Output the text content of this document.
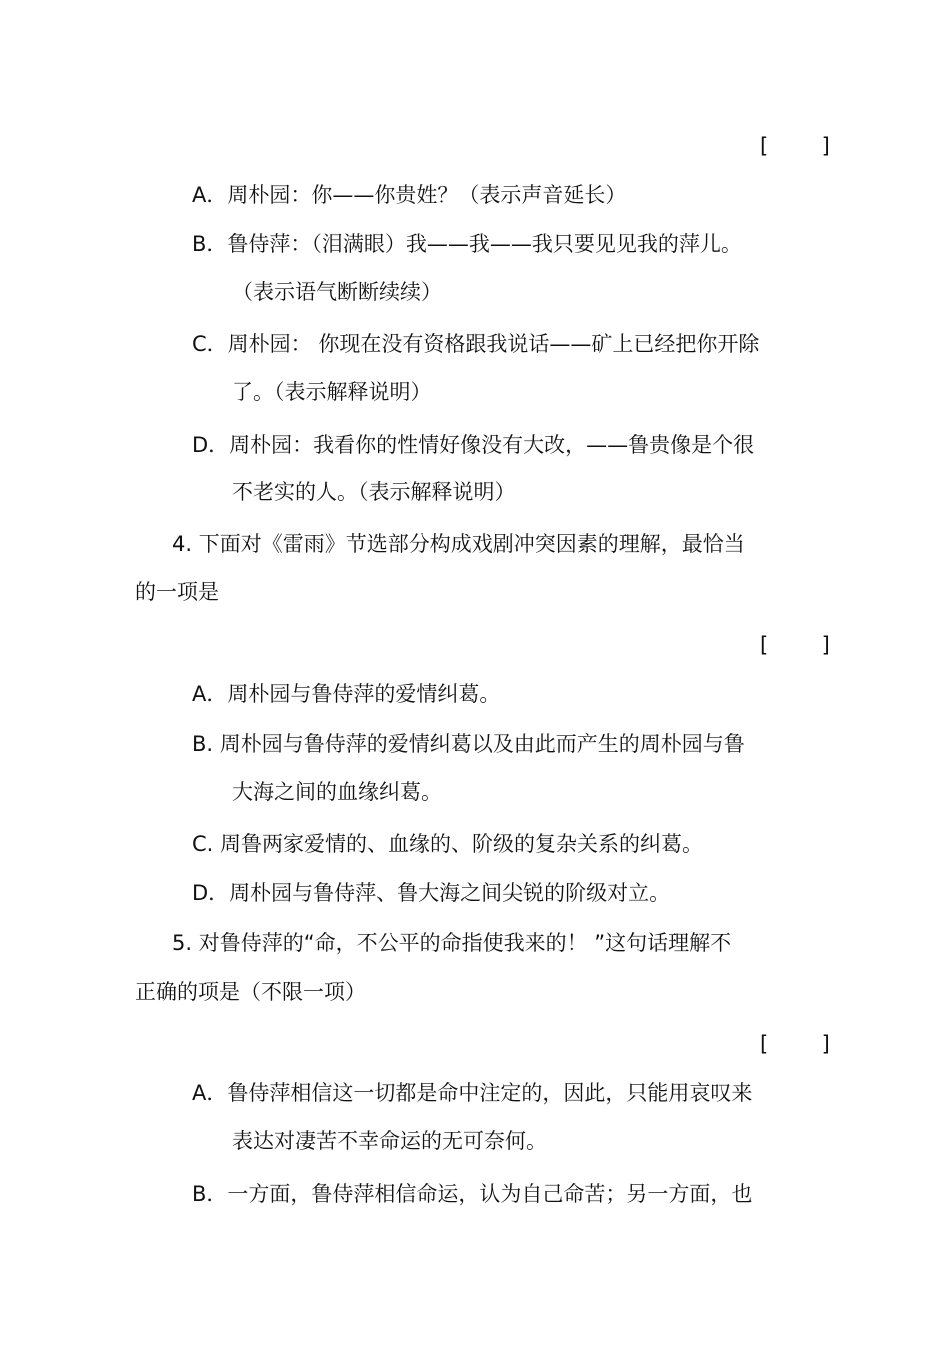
[        ]
A．周朴园：你——你贵姓？（表示声音延长）
B．鲁侍萍：（泪满眼）我——我——我只要见见我的萍儿。
（表示语气断断续续）
C．周朴园： 你现在没有资格跟我说话——矿上已经把你开除
了。（表示解释说明）
D．周朴园：我看你的性情好像没有大改，——鲁贵像是个很
不老实的人。（表示解释说明）
4. 下面对《雷雨》节选部分构成戏剧冲突因素的理解，最恰当
的一项是
[        ]
A．周朴园与鲁侍萍的爱情纠葛。
B. 周朴园与鲁侍萍的爱情纠葛以及由此而产生的周朴园与鲁
大海之间的血缘纠葛。
C. 周鲁两家爱情的、血缘的、阶级的复杂关系的纠葛。
D．周朴园与鲁侍萍、鲁大海之间尖锐的阶级对立。
5. 对鲁侍萍的“命，不公平的命指使我来的！ ”这句话理解不
正确的项是（不限一项）
[        ]
A．鲁侍萍相信这一切都是命中注定的，因此，只能用哀叹来
表达对凄苦不幸命运的无可奈何。
B．一方面，鲁侍萍相信命运，认为自己命苦；另一方面，也
